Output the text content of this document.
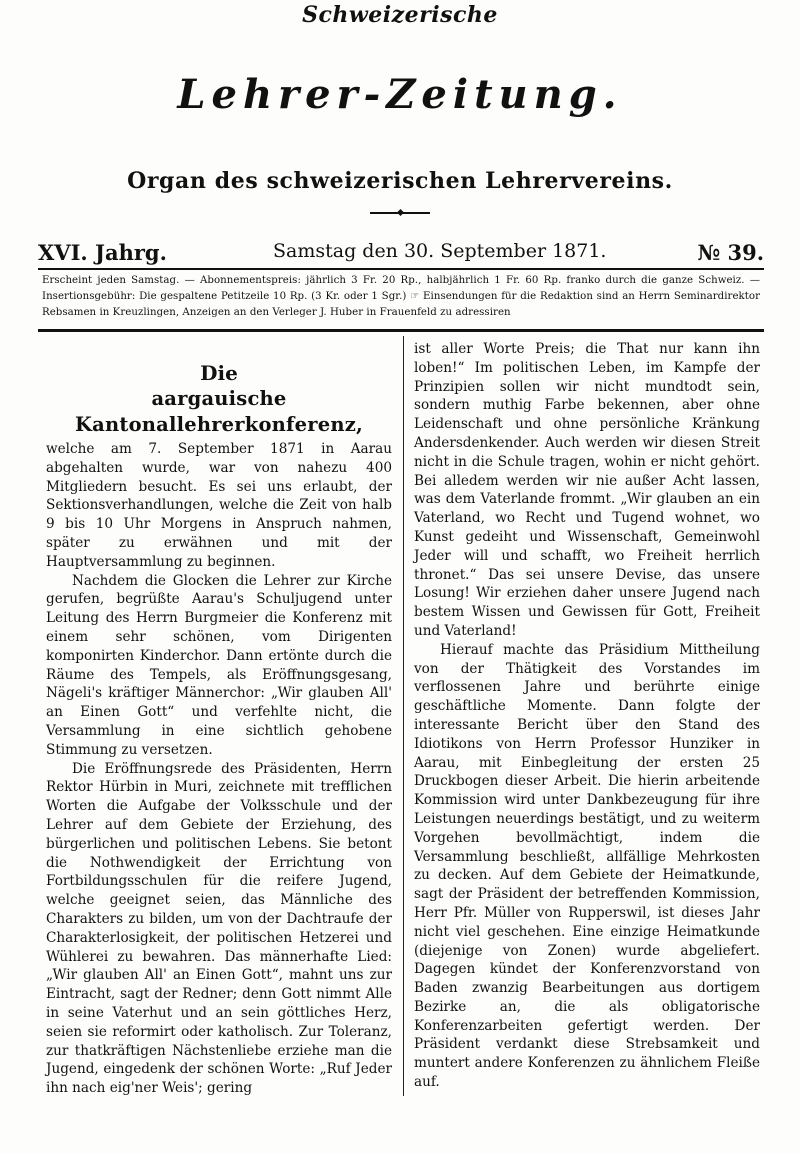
Schweizerische
Lehrer-Zeitung.
Organ des schweizerischen Lehrervereins.
XVI. Jahrg.	Samstag den 30. September 1871.	№ 39.
Erscheint jeden Samstag. — Abonnementspreis: jährlich 3 Fr. 20 Rp., halbjährlich 1 Fr. 60 Rp. franko durch die ganze Schweiz. — Insertionsgebühr: Die gespaltene Petitzeile 10 Rp. (3 Kr. oder 1 Sgr.) ☞ Einsendungen für die Redaktion sind an Herrn Seminardirektor Rebsamen in Kreuzlingen, Anzeigen an den Verleger J. Huber in Frauenfeld zu adressiren
Die
aargauische Kantonallehrerkonferenz,

welche am 7. September 1871 in Aarau abgehalten wurde, war von nahezu 400 Mitgliedern besucht. Es sei uns erlaubt, der Sektionsverhandlungen, welche die Zeit von halb 9 bis 10 Uhr Morgens in Anspruch nahmen, später zu erwähnen und mit der Hauptversammlung zu beginnen.

Nachdem die Glocken die Lehrer zur Kirche gerufen, begrüßte Aarau's Schuljugend unter Leitung des Herrn Burgmeier die Konferenz mit einem sehr schönen, vom Dirigenten komponirten Kinderchor. Dann ertönte durch die Räume des Tempels, als Eröffnungsgesang, Nägeli's kräftiger Männerchor: „Wir glauben All' an Einen Gott“ und verfehlte nicht, die Versammlung in eine sichtlich gehobene Stimmung zu versetzen.

Die Eröffnungsrede des Präsidenten, Herrn Rektor Hürbin in Muri, zeichnete mit trefflichen Worten die Aufgabe der Volksschule und der Lehrer auf dem Gebiete der Erziehung, des bürgerlichen und politischen Lebens. Sie betont die Nothwendigkeit der Errichtung von Fortbildungsschulen für die reifere Jugend, welche geeignet seien, das Männliche des Charakters zu bilden, um von der Dachtraufe der Charakterlosigkeit, der politischen Hetzerei und Wühlerei zu bewahren. Das männerhafte Lied: „Wir glauben All' an Einen Gott“, mahnt uns zur Eintracht, sagt der Redner; denn Gott nimmt Alle in seine Vaterhut und an sein göttliches Herz, seien sie reformirt oder katholisch. Zur Toleranz, zur thatkräftigen Nächstenliebe erziehe man die Jugend, eingedenk der schönen Worte: „Ruf Jeder ihn nach eig'ner Weis'; gering

ist aller Worte Preis; die That nur kann ihn loben!“ Im politischen Leben, im Kampfe der Prinzipien sollen wir nicht mundtodt sein, sondern muthig Farbe bekennen, aber ohne Leidenschaft und ohne persönliche Kränkung Andersdenkender. Auch werden wir diesen Streit nicht in die Schule tragen, wohin er nicht gehört. Bei alledem werden wir nie außer Acht lassen, was dem Vaterlande frommt. „Wir glauben an ein Vaterland, wo Recht und Tugend wohnet, wo Kunst gedeiht und Wissenschaft, Gemeinwohl Jeder will und schafft, wo Freiheit herrlich thronet.“ Das sei unsere Devise, das unsere Losung! Wir erziehen daher unsere Jugend nach bestem Wissen und Gewissen für Gott, Freiheit und Vaterland!

Hierauf machte das Präsidium Mittheilung von der Thätigkeit des Vorstandes im verflossenen Jahre und berührte einige geschäftliche Momente. Dann folgte der interessante Bericht über den Stand des Idiotikons von Herrn Professor Hunziker in Aarau, mit Einbegleitung der ersten 25 Druckbogen dieser Arbeit. Die hierin arbeitende Kommission wird unter Dankbezeugung für ihre Leistungen neuerdings bestätigt, und zu weiterm Vorgehen bevollmächtigt, indem die Versammlung beschließt, allfällige Mehrkosten zu decken. Auf dem Gebiete der Heimatkunde, sagt der Präsident der betreffenden Kommission, Herr Pfr. Müller von Rupperswil, ist dieses Jahr nicht viel geschehen. Eine einzige Heimatkunde (diejenige von Zonen) wurde abgeliefert. Dagegen kündet der Konferenzvorstand von Baden zwanzig Bearbeitungen aus dortigem Bezirke an, die als obligatorische Konferenzarbeiten gefertigt werden. Der Präsident verdankt diese Strebsamkeit und muntert andere Konferenzen zu ähnlichem Fleiße auf.
